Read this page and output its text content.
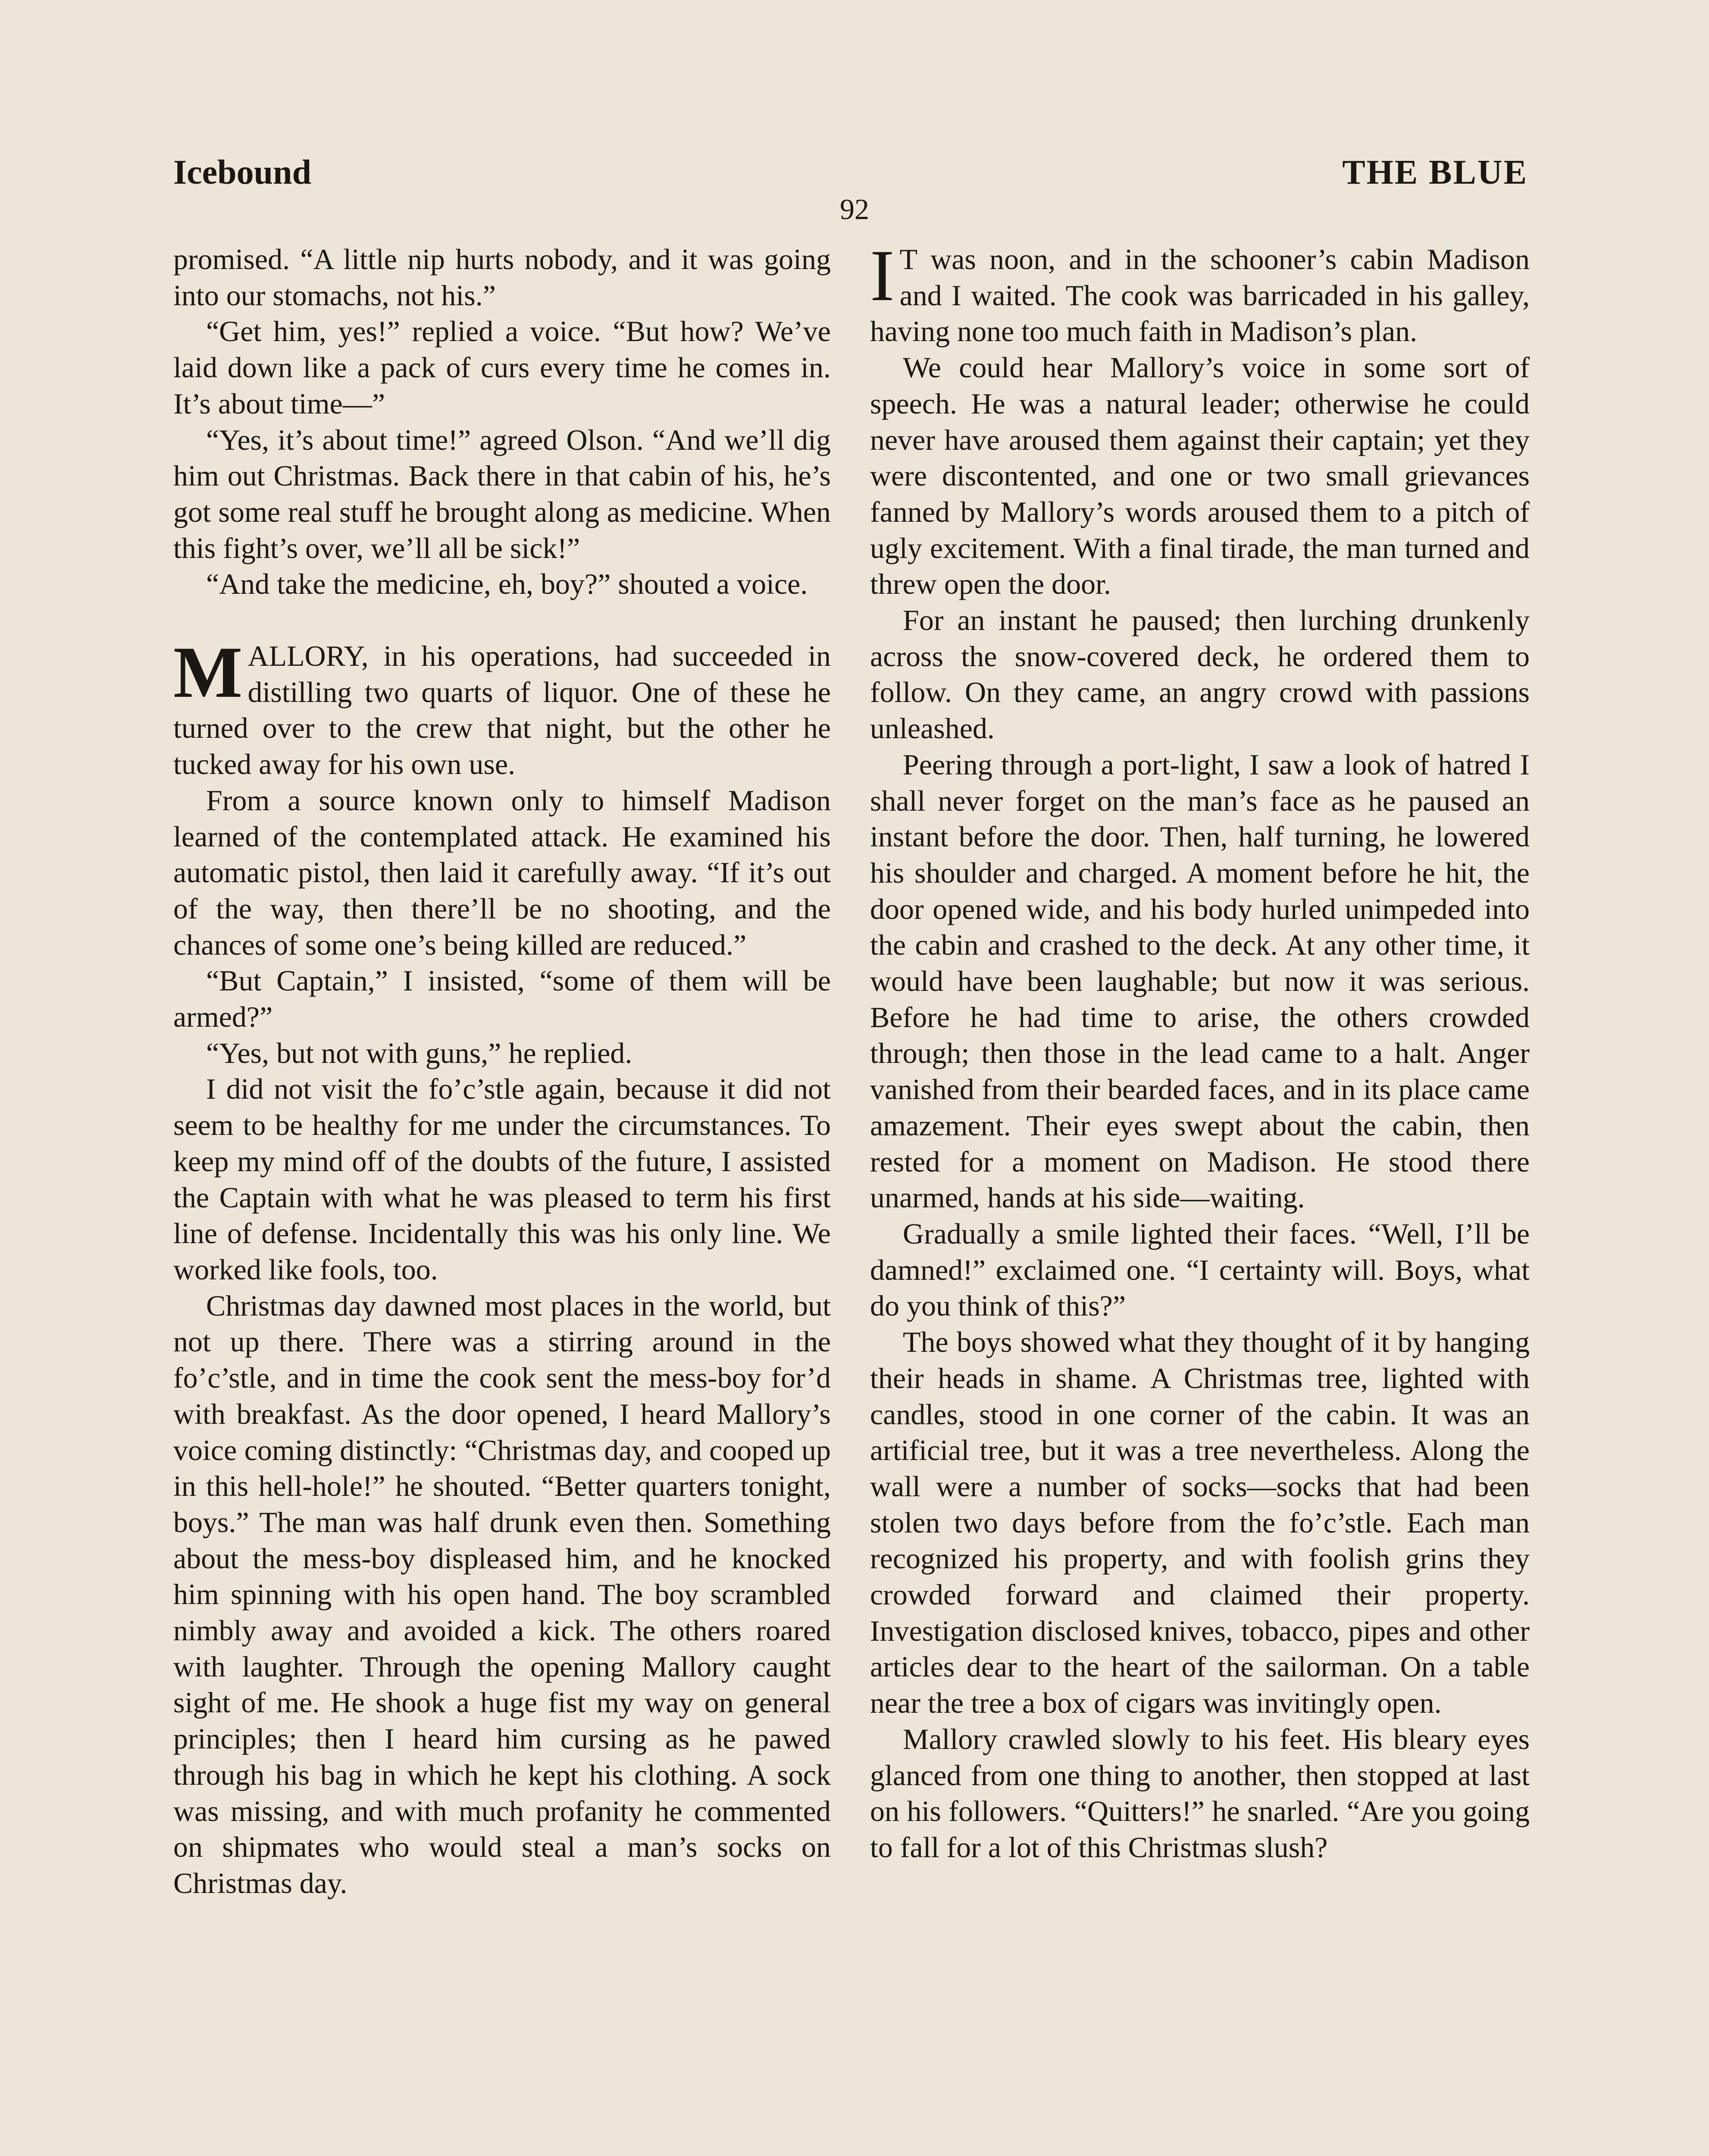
Icebound	THE BLUE
92

promised. “A little nip hurts nobody, and it was going into our stomachs, not his.”

“Get him, yes!” replied a voice. “But how? We’ve laid down like a pack of curs every time he comes in. It’s about time—”

“Yes, it’s about time!” agreed Olson. “And we’ll dig him out Christmas. Back there in that cabin of his, he’s got some real stuff he brought along as medicine. When this fight’s over, we’ll all be sick!”

“And take the medicine, eh, boy?” shouted a voice.

MALLORY, in his operations, had succeeded in distilling two quarts of liquor. One of these he turned over to the crew that night, but the other he tucked away for his own use.

From a source known only to himself Madison learned of the contemplated attack. He examined his automatic pistol, then laid it carefully away. “If it’s out of the way, then there’ll be no shooting, and the chances of some one’s being killed are reduced.”

“But Captain,” I insisted, “some of them will be armed?”

“Yes, but not with guns,” he replied.

I did not visit the fo’c’stle again, because it did not seem to be healthy for me under the circumstances. To keep my mind off of the doubts of the future, I assisted the Captain with what he was pleased to term his first line of defense. Incidentally this was his only line. We worked like fools, too.

Christmas day dawned most places in the world, but not up there. There was a stirring around in the fo’c’stle, and in time the cook sent the mess-boy for’d with breakfast. As the door opened, I heard Mallory’s voice coming distinctly: “Christmas day, and cooped up in this hell-hole!” he shouted. “Better quarters tonight, boys.” The man was half drunk even then. Something about the mess-boy displeased him, and he knocked him spinning with his open hand. The boy scrambled nimbly away and avoided a kick. The others roared with laughter. Through the opening Mallory caught sight of me. He shook a huge fist my way on general principles; then I heard him cursing as he pawed through his bag in which he kept his clothing. A sock was missing, and with much profanity he commented on shipmates who would steal a man’s socks on Christmas day.

I T was noon, and in the schooner’s cabin Madison and I waited. The cook was barricaded in his galley, having none too much faith in Madison’s plan.

We could hear Mallory’s voice in some sort of speech. He was a natural leader; otherwise he could never have aroused them against their captain; yet they were discontented, and one or two small grievances fanned by Mallory’s words aroused them to a pitch of ugly excitement. With a final tirade, the man turned and threw open the door.

For an instant he paused; then lurching drunkenly across the snow-covered deck, he ordered them to follow. On they came, an angry crowd with passions unleashed.

Peering through a port-light, I saw a look of hatred I shall never forget on the man’s face as he paused an instant before the door. Then, half turning, he lowered his shoulder and charged. A moment before he hit, the door opened wide, and his body hurled unimpeded into the cabin and crashed to the deck. At any other time, it would have been laughable; but now it was serious. Before he had time to arise, the others crowded through; then those in the lead came to a halt. Anger vanished from their bearded faces, and in its place came amazement. Their eyes swept about the cabin, then rested for a moment on Madison. He stood there unarmed, hands at his side—waiting.

Gradually a smile lighted their faces. “Well, I’ll be damned!” exclaimed one. “I certainty will. Boys, what do you think of this?”

The boys showed what they thought of it by hanging their heads in shame. A Christmas tree, lighted with candles, stood in one corner of the cabin. It was an artificial tree, but it was a tree nevertheless. Along the wall were a number of socks—socks that had been stolen two days before from the fo’c’stle. Each man recognized his property, and with foolish grins they crowded forward and claimed their property. Investigation disclosed knives, tobacco, pipes and other articles dear to the heart of the sailorman. On a table near the tree a box of cigars was invitingly open.

Mallory crawled slowly to his feet. His bleary eyes glanced from one thing to another, then stopped at last on his followers. “Quitters!” he snarled. “Are you going to fall for a lot of this Christmas slush?
